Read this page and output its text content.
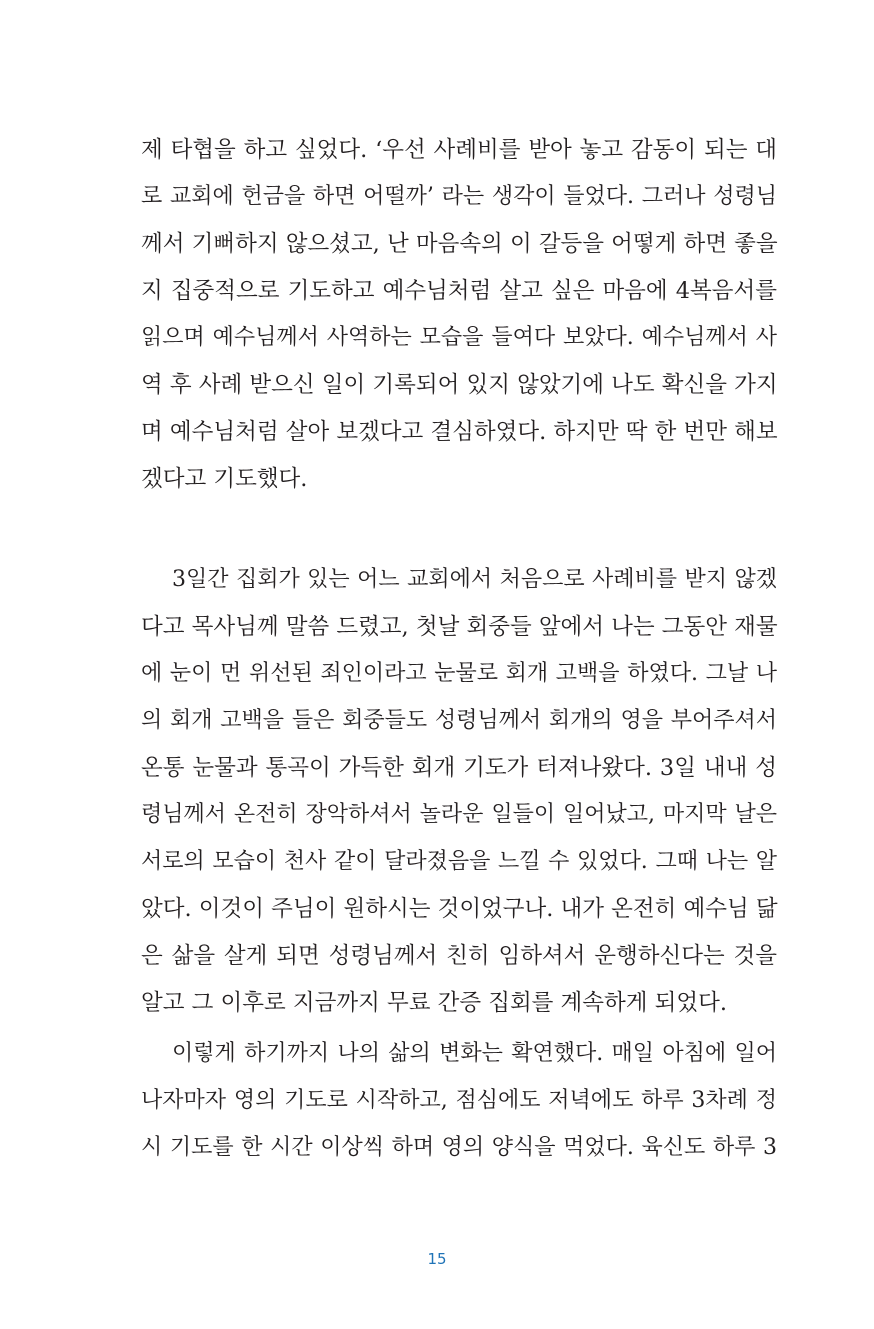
제 타협을 하고 싶었다. ‘우선 사례비를 받아 놓고 감동이 되는 대
로 교회에 헌금을 하면 어떨까’ 라는 생각이 들었다. 그러나 성령님
께서 기뻐하지 않으셨고, 난 마음속의 이 갈등을 어떻게 하면 좋을
지 집중적으로 기도하고 예수님처럼 살고 싶은 마음에 4복음서를
읽으며 예수님께서 사역하는 모습을 들여다 보았다. 예수님께서 사
역 후 사례 받으신 일이 기록되어 있지 않았기에 나도 확신을 가지
며 예수님처럼 살아 보겠다고 결심하였다. 하지만 딱 한 번만 해보
겠다고 기도했다.
3일간 집회가 있는 어느 교회에서 처음으로 사례비를 받지 않겠
다고 목사님께 말씀 드렸고, 첫날 회중들 앞에서 나는 그동안 재물
에 눈이 먼 위선된 죄인이라고 눈물로 회개 고백을 하였다. 그날 나
의 회개 고백을 들은 회중들도 성령님께서 회개의 영을 부어주셔서
온통 눈물과 통곡이 가득한 회개 기도가 터져나왔다. 3일 내내 성
령님께서 온전히 장악하셔서 놀라운 일들이 일어났고, 마지막 날은
서로의 모습이 천사 같이 달라졌음을 느낄 수 있었다. 그때 나는 알
았다. 이것이 주님이 원하시는 것이었구나. 내가 온전히 예수님 닮
은 삶을 살게 되면 성령님께서 친히 임하셔서 운행하신다는 것을
알고 그 이후로 지금까지 무료 간증 집회를 계속하게 되었다.
이렇게 하기까지 나의 삶의 변화는 확연했다. 매일 아침에 일어
나자마자 영의 기도로 시작하고, 점심에도 저녁에도 하루 3차례 정
시 기도를 한 시간 이상씩 하며 영의 양식을 먹었다. 육신도 하루 3
15
